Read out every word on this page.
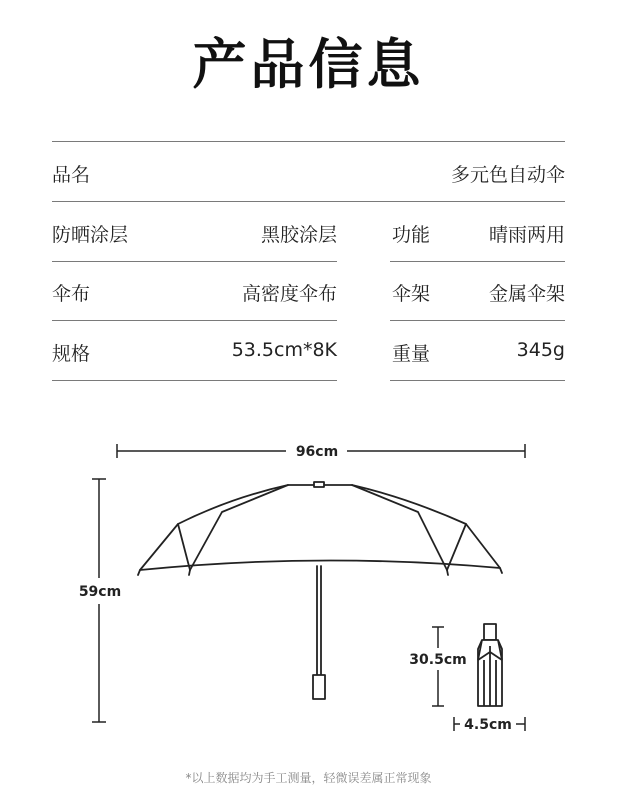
产品信息
品名	多元色自动伞
防晒涂层	黑胶涂层	功能	晴雨两用
伞布	高密度伞布	伞架	金属伞架
规格	53.5cm*8K	重量	345g
96cm
59cm
30.5cm
4.5cm
*以上数据均为手工测量，轻微误差属正常现象
